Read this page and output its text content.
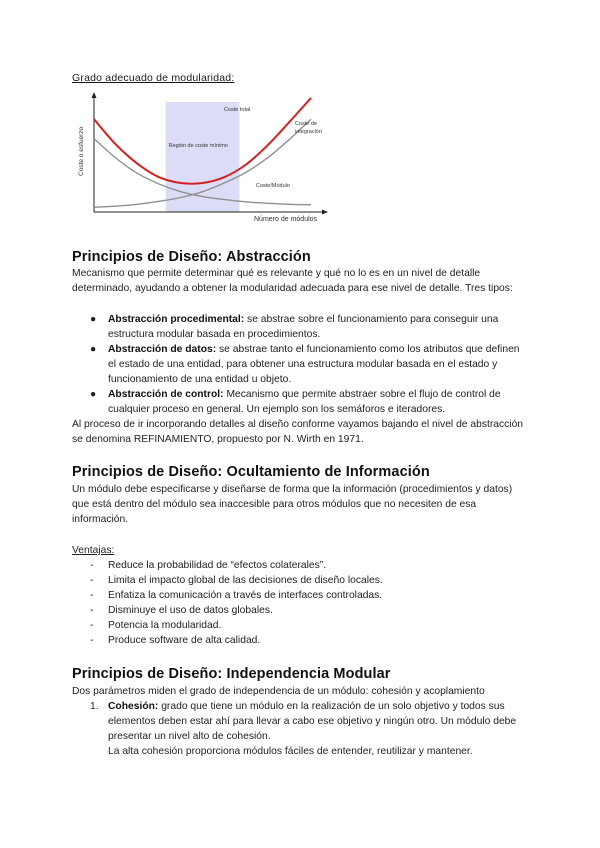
Grado adecuado de modularidad:
Región de coste mínimo
Coste o esfuerzo
Número de módulos
Coste total
Coste de integración
Coste/Módulo
Principios de Diseño: Abstracción

Mecanismo que permite determinar qué es relevante y qué no lo es en un nivel de detalle determinado, ayudando a obtener la modularidad adecuada para ese nivel de detalle. Tres tipos:

● Abstracción procedimental: se abstrae sobre el funcionamiento para conseguir una estructura modular basada en procedimientos.
● Abstracción de datos: se abstrae tanto el funcionamiento como los atributos que definen el estado de una entidad, para obtener una estructura modular basada en el estado y funcionamiento de una entidad u objeto.
● Abstracción de control: Mecanismo que permite abstraer sobre el flujo de control de cualquier proceso en general. Un ejemplo son los semáforos e iteradores.

Al proceso de ir incorporando detalles al diseño conforme vayamos bajando el nivel de abstracción se denomina REFINAMIENTO, propuesto por N. Wirth en 1971.

Principios de Diseño: Ocultamiento de Información

Un módulo debe especificarse y diseñarse de forma que la información (procedimientos y datos) que está dentro del módulo sea inaccesible para otros módulos que no necesiten de esa información.

Ventajas:

- Reduce la probabilidad de “efectos colaterales”.
- Limita el impacto global de las decisiones de diseño locales.
- Enfatiza la comunicación a través de interfaces controladas.
- Disminuye el uso de datos globales.
- Potencia la modularidad.
- Produce software de alta calidad.
Principios de Diseño: Independencia Modular

Dos parámetros miden el grado de independencia de un módulo: cohesión y acoplamiento

1. Cohesión: grado que tiene un módulo en la realización de un solo objetivo y todos sus elementos deben estar ahí para llevar a cabo ese objetivo y ningún otro. Un módulo debe presentar un nivel alto de cohesión.
La alta cohesión proporciona módulos fáciles de entender, reutilizar y mantener.
